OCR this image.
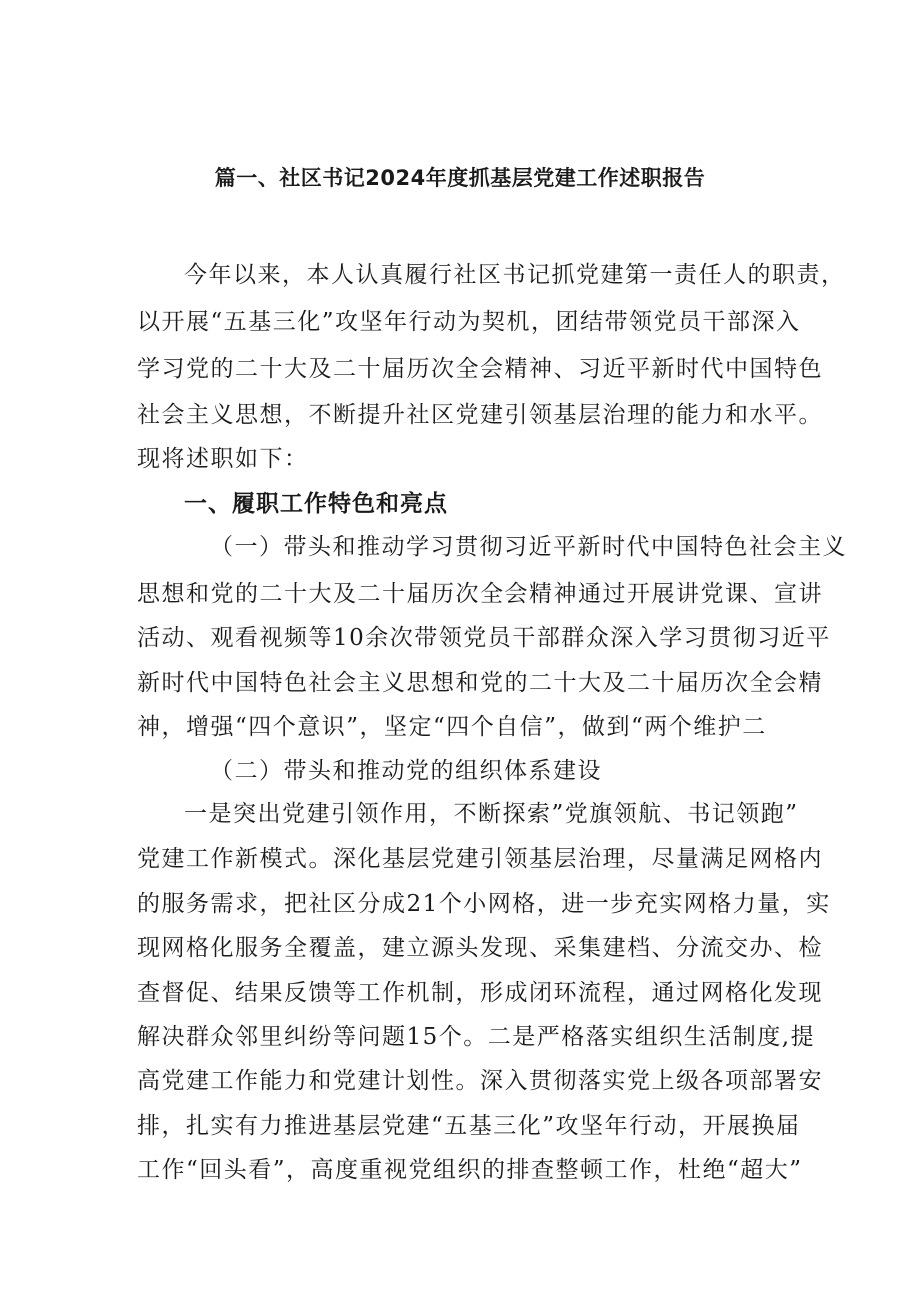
篇一、社区书记2024年度抓基层党建工作述职报告
今年以来，本人认真履行社区书记抓党建第一责任人的职责，
以开展“五基三化”攻坚年行动为契机，团结带领党员干部深入
学习党的二十大及二十届历次全会精神、习近平新时代中国特色
社会主义思想，不断提升社区党建引领基层治理的能力和水平。
现将述职如下：
一、履职工作特色和亮点
（一）带头和推动学习贯彻习近平新时代中国特色社会主义
思想和党的二十大及二十届历次全会精神通过开展讲党课、宣讲
活动、观看视频等10余次带领党员干部群众深入学习贯彻习近平
新时代中国特色社会主义思想和党的二十大及二十届历次全会精
神，增强“四个意识”，坚定“四个自信”，做到“两个维护二
（二）带头和推动党的组织体系建设
一是突出党建引领作用，不断探索”党旗领航、书记领跑”
党建工作新模式。深化基层党建引领基层治理，尽量满足网格内
的服务需求，把社区分成21个小网格，进一步充实网格力量，实
现网格化服务全覆盖，建立源头发现、采集建档、分流交办、检
查督促、结果反馈等工作机制，形成闭环流程，通过网格化发现
解决群众邻里纠纷等问题15个。二是严格落实组织生活制度,提
高党建工作能力和党建计划性。深入贯彻落实党上级各项部署安
排，扎实有力推进基层党建“五基三化”攻坚年行动，开展换届
工作“回头看”，高度重视党组织的排查整顿工作，杜绝“超大”
